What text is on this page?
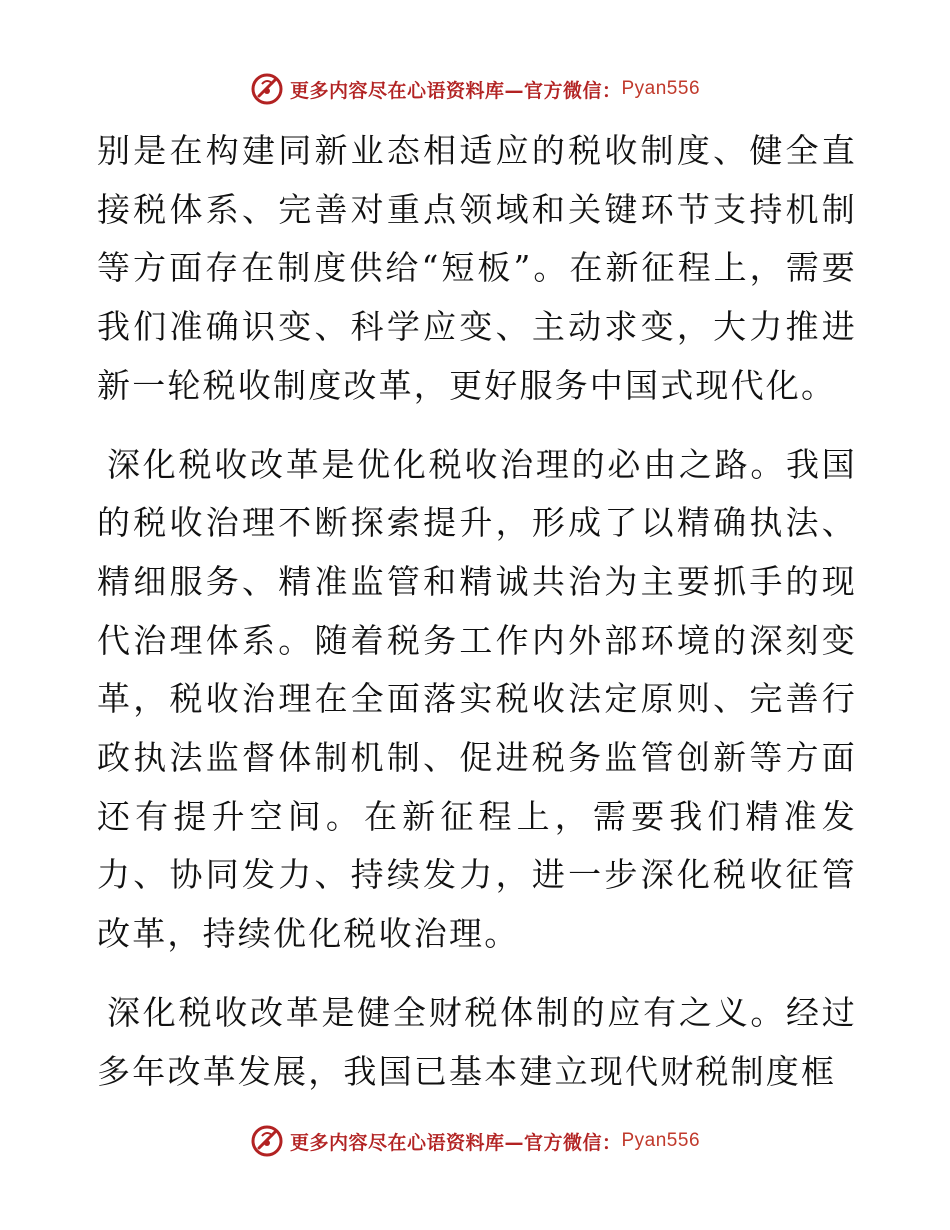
更多内容尽在心语资料库 —官方微信： Pyan556

别是在构建同新业态相适应的税收制度、健全直接税体系、完善对重点领域和关键环节支持机制等方面存在制度供给“短板”。在新征程上，需要我们准确识变、科学应变、主动求变，大力推进新一轮税收制度改革，更好服务中国式现代化。

深化税收改革是优化税收治理的必由之路。我国的税收治理不断探索提升，形成了以精确执法、精细服务、精准监管和精诚共治为主要抓手的现代治理体系。随着税务工作内外部环境的深刻变革，税收治理在全面落实税收法定原则、完善行政执法监督体制机制、促进税务监管创新等方面还有提升空间。在新征程上，需要我们精准发力、协同发力、持续发力，进一步深化税收征管改革，持续优化税收治理。

深化税收改革是健全财税体制的应有之义。经过多年改革发展，我国已基本建立现代财税制度框

更多内容尽在心语资料库 —官方微信： Pyan556
